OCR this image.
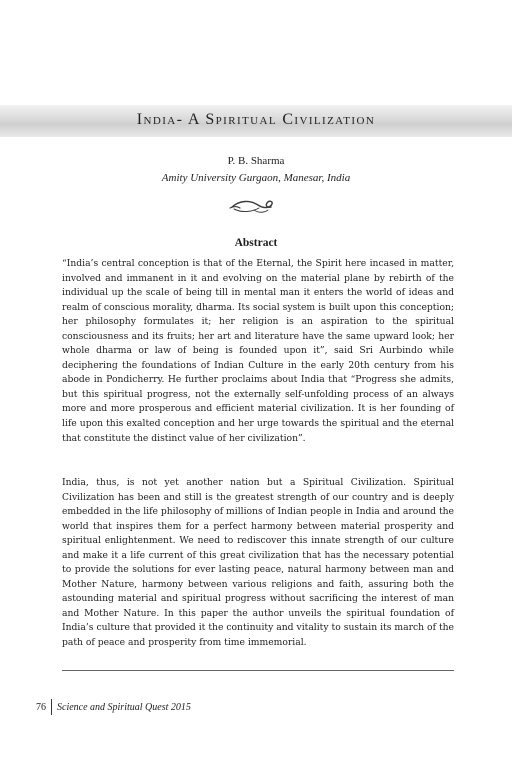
India- A Spiritual Civilization
P. B. Sharma
Amity University Gurgaon, Manesar, India
Abstract

“India’s central conception is that of the Eternal, the Spirit here incased in matter, involved and immanent in it and evolving on the material plane by rebirth of the individual up the scale of being till in mental man it enters the world of ideas and realm of conscious morality, dharma. Its social system is built upon this conception; her philosophy formulates it; her religion is an aspiration to the spiritual consciousness and its fruits; her art and literature have the same upward look; her whole dharma or law of being is founded upon it”, said Sri Aurbindo while deciphering the foundations of Indian Culture in the early 20th century from his abode in Pondicherry. He further proclaims about India that “Progress she admits, but this spiritual progress, not the externally self-unfolding process of an always more and more prosperous and efficient material civilization. It is her founding of life upon this exalted conception and her urge towards the spiritual and the eternal that constitute the distinct value of her civilization”.

India, thus, is not yet another nation but a Spiritual Civilization. Spiritual Civilization has been and still is the greatest strength of our country and is deeply embedded in the life philosophy of millions of Indian people in India and around the world that inspires them for a perfect harmony between material prosperity and spiritual enlightenment. We need to rediscover this innate strength of our culture and make it a life current of this great civilization that has the necessary potential to provide the solutions for ever lasting peace, natural harmony between man and Mother Nature, harmony between various religions and faith, assuring both the astounding material and spiritual progress without sacrificing the interest of man and Mother Nature. In this paper the author unveils the spiritual foundation of India’s culture that provided it the continuity and vitality to sustain its march of the path of peace and prosperity from time immemorial.

76	Science and Spiritual Quest 2015
